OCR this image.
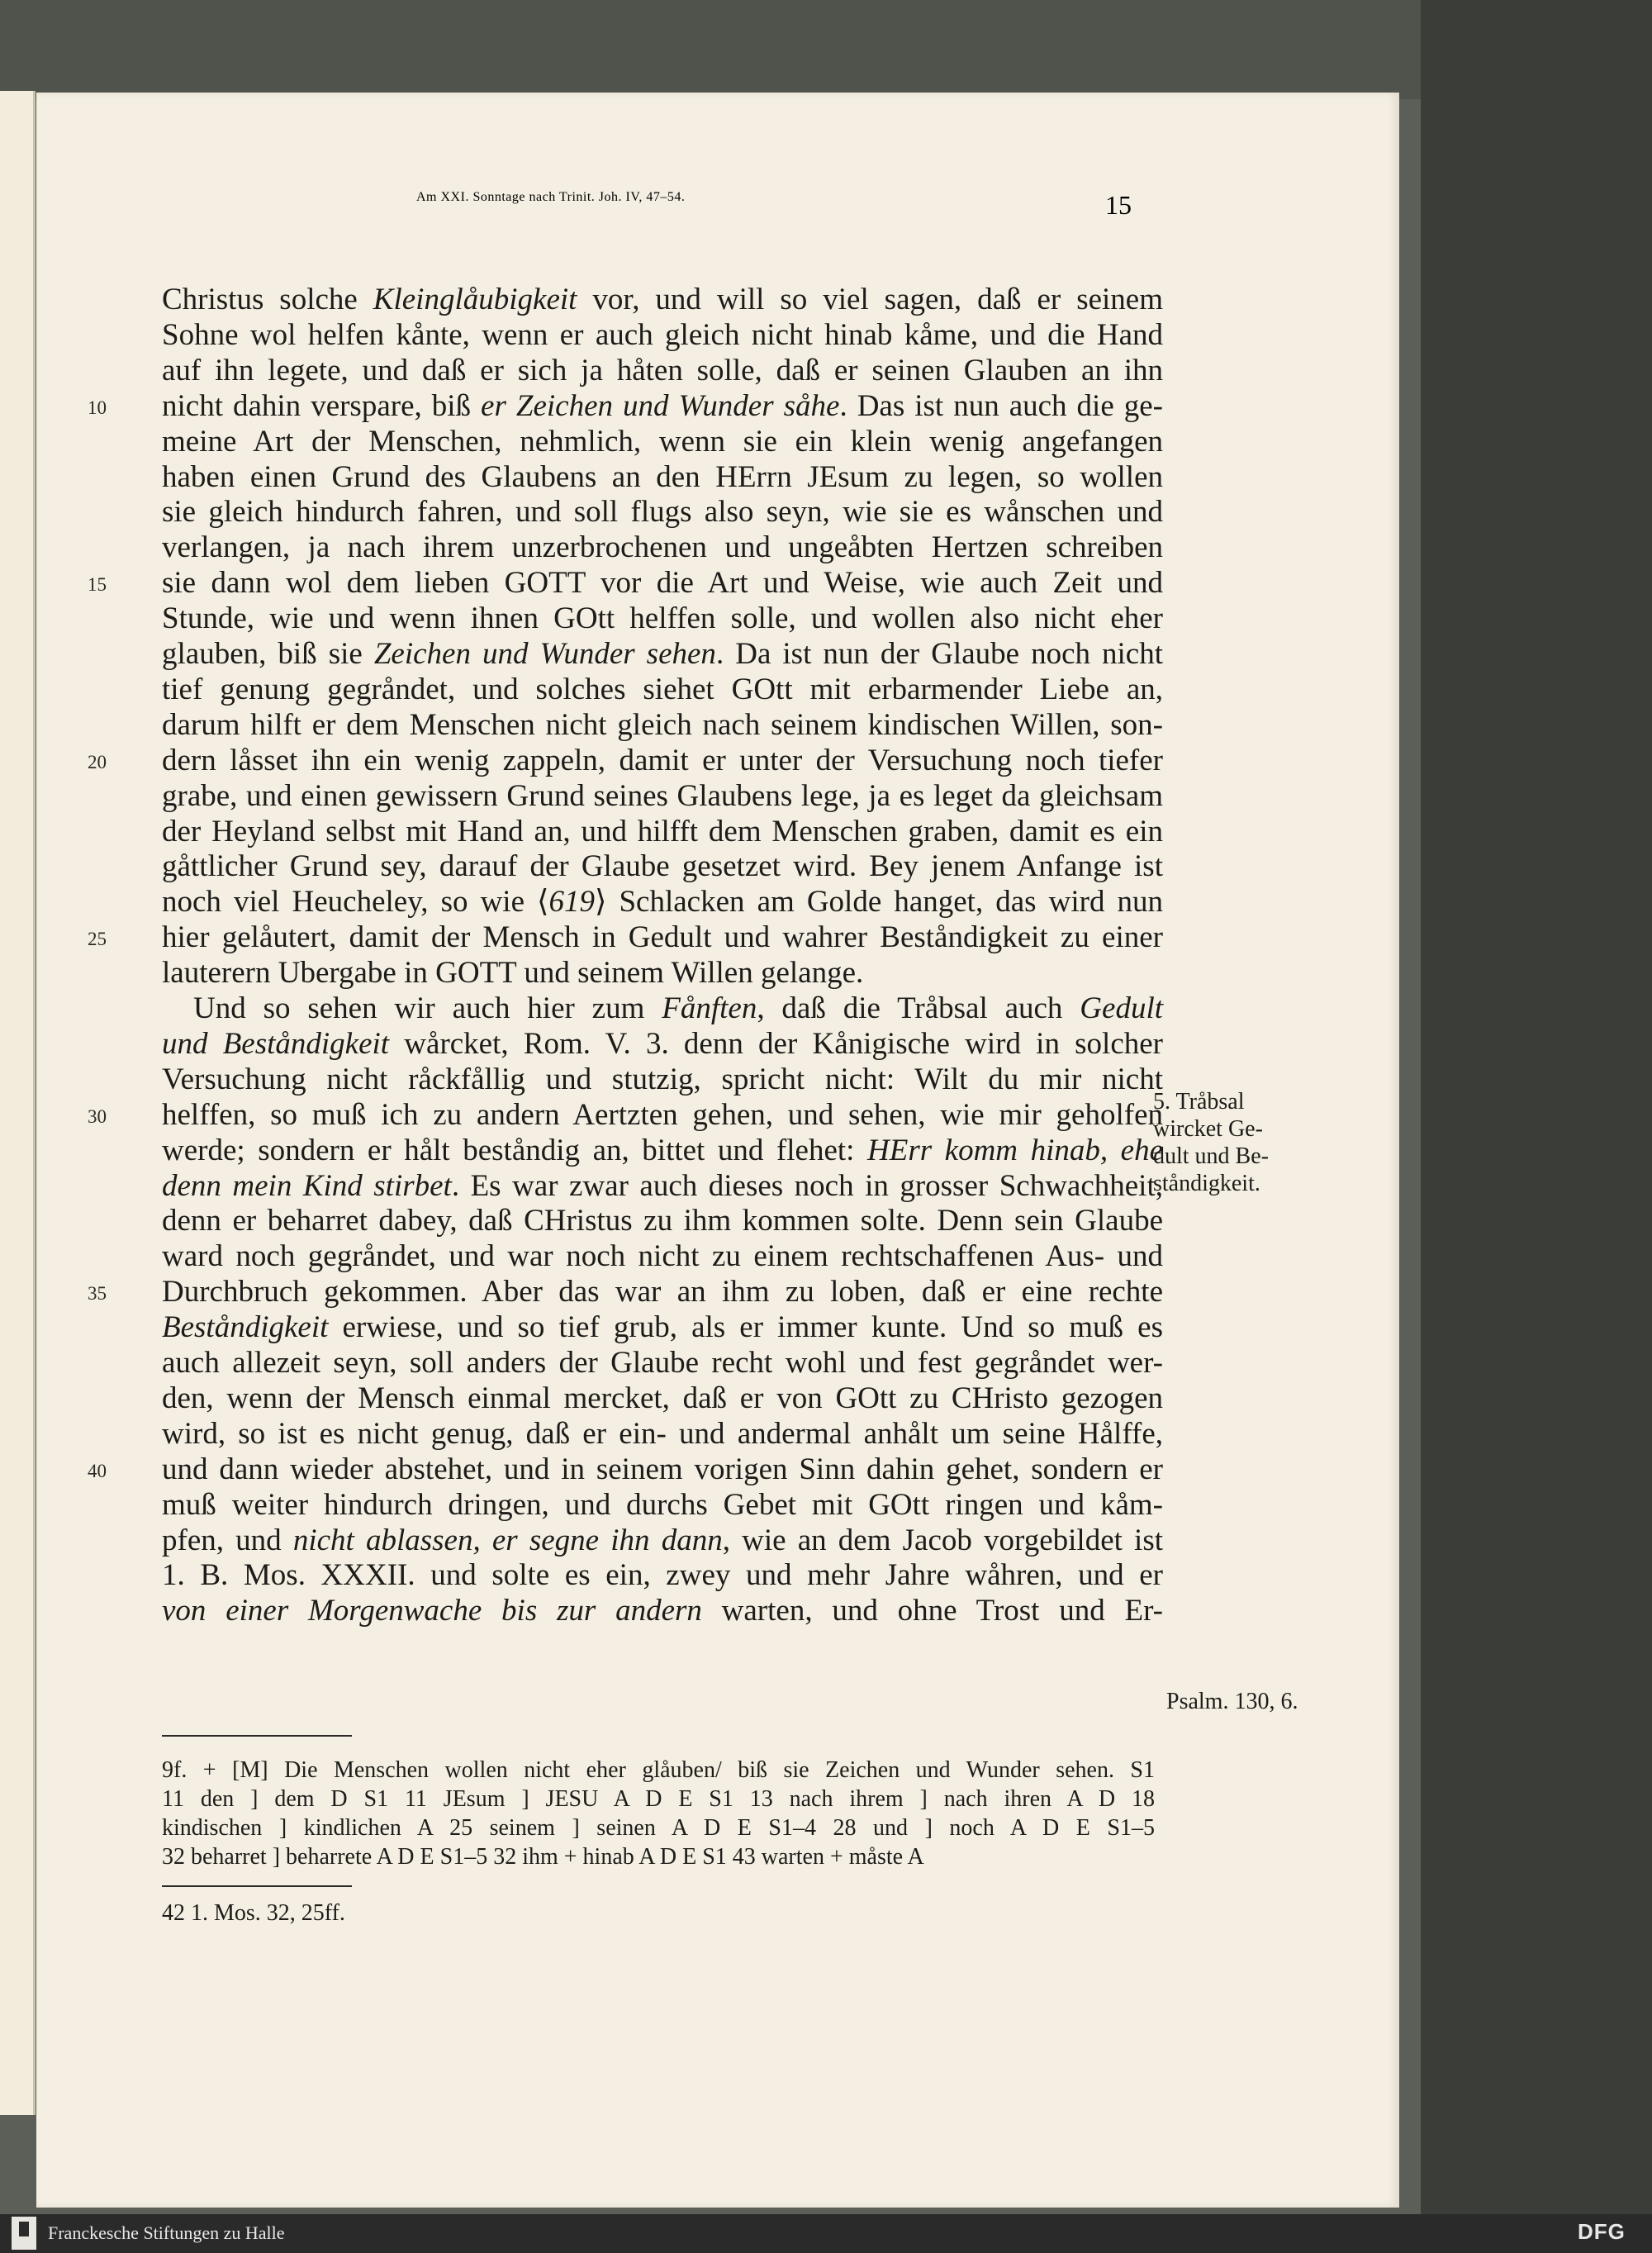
Am XXI. Sonntage nach Trinit. Joh. IV, 47–54.	15
Christus solche Kleinglåubigkeit vor, und will so viel sagen, daß er seinem
Sohne wol helfen kånte, wenn er auch gleich nicht hinab kåme, und die Hand
auf ihn legete, und daß er sich ja håten solle, daß er seinen Glauben an ihn
nicht dahin verspare, biß er Zeichen und Wunder såhe. Das ist nun auch die ge-
meine Art der Menschen, nehmlich, wenn sie ein klein wenig angefangen
haben einen Grund des Glaubens an den HErrn JEsum zu legen, so wollen
sie gleich hindurch fahren, und soll flugs also seyn, wie sie es wånschen und
verlangen, ja nach ihrem unzerbrochenen und ungeåbten Hertzen schreiben
sie dann wol dem lieben GOTT vor die Art und Weise, wie auch Zeit und
Stunde, wie und wenn ihnen GOtt helffen solle, und wollen also nicht eher
glauben, biß sie Zeichen und Wunder sehen. Da ist nun der Glaube noch nicht
tief genung gegråndet, und solches siehet GOtt mit erbarmender Liebe an,
darum hilft er dem Menschen nicht gleich nach seinem kindischen Willen, son-
dern låsset ihn ein wenig zappeln, damit er unter der Versuchung noch tiefer
grabe, und einen gewissern Grund seines Glaubens lege, ja es leget da gleichsam
der Heyland selbst mit Hand an, und hilfft dem Menschen graben, damit es ein
gåttlicher Grund sey, darauf der Glaube gesetzet wird. Bey jenem Anfange ist
noch viel Heucheley, so wie ⟨619⟩ Schlacken am Golde hanget, das wird nun
hier gelåutert, damit der Mensch in Gedult und wahrer Beståndigkeit zu einer
lauterern Ubergabe in GOTT und seinem Willen gelange.
Und so sehen wir auch hier zum Fånften, daß die Tråbsal auch Gedult
und Beståndigkeit wårcket, Rom. V. 3. denn der Kånigische wird in solcher
Versuchung nicht råckfållig und stutzig, spricht nicht: Wilt du mir nicht
helffen, so muß ich zu andern Aertzten gehen, und sehen, wie mir geholfen
werde; sondern er hålt beståndig an, bittet und flehet: HErr komm hinab, ehe
denn mein Kind stirbet. Es war zwar auch dieses noch in grosser Schwachheit,
denn er beharret dabey, daß CHristus zu ihm kommen solte. Denn sein Glaube
ward noch gegråndet, und war noch nicht zu einem rechtschaffenen Aus- und
Durchbruch gekommen. Aber das war an ihm zu loben, daß er eine rechte
Beståndigkeit erwiese, und so tief grub, als er immer kunte. Und so muß es
auch allezeit seyn, soll anders der Glaube recht wohl und fest gegråndet wer-
den, wenn der Mensch einmal mercket, daß er von GOtt zu CHristo gezogen
wird, so ist es nicht genug, daß er ein- und andermal anhålt um seine Hålffe,
und dann wieder abstehet, und in seinem vorigen Sinn dahin gehet, sondern er
muß weiter hindurch dringen, und durchs Gebet mit GOtt ringen und kåm-
pfen, und nicht ablassen, er segne ihn dann, wie an dem Jacob vorgebildet ist
1. B. Mos. XXXII. und solte es ein, zwey und mehr Jahre wåhren, und er
von einer Morgenwache bis zur andern warten, und ohne Trost und Er-
10
15
20
25
30
35
40
5. Tråbsal
wircket Ge-
dult und Be-
ståndigkeit.
Psalm. 130, 6.
9f. + [M] Die Menschen wollen nicht eher glåuben/ biß sie Zeichen und Wunder sehen. S1
11 den ] dem D S1 11 JEsum ] JESU A D E S1 13 nach ihrem ] nach ihren A D 18
kindischen ] kindlichen A 25 seinem ] seinen A D E S1–4 28 und ] noch A D E S1–5
32 beharret ] beharrete A D E S1–5 32 ihm + hinab A D E S1 43 warten + måste A
42 1. Mos. 32, 25ff.
Franckesche Stiftungen zu Halle	DFG
